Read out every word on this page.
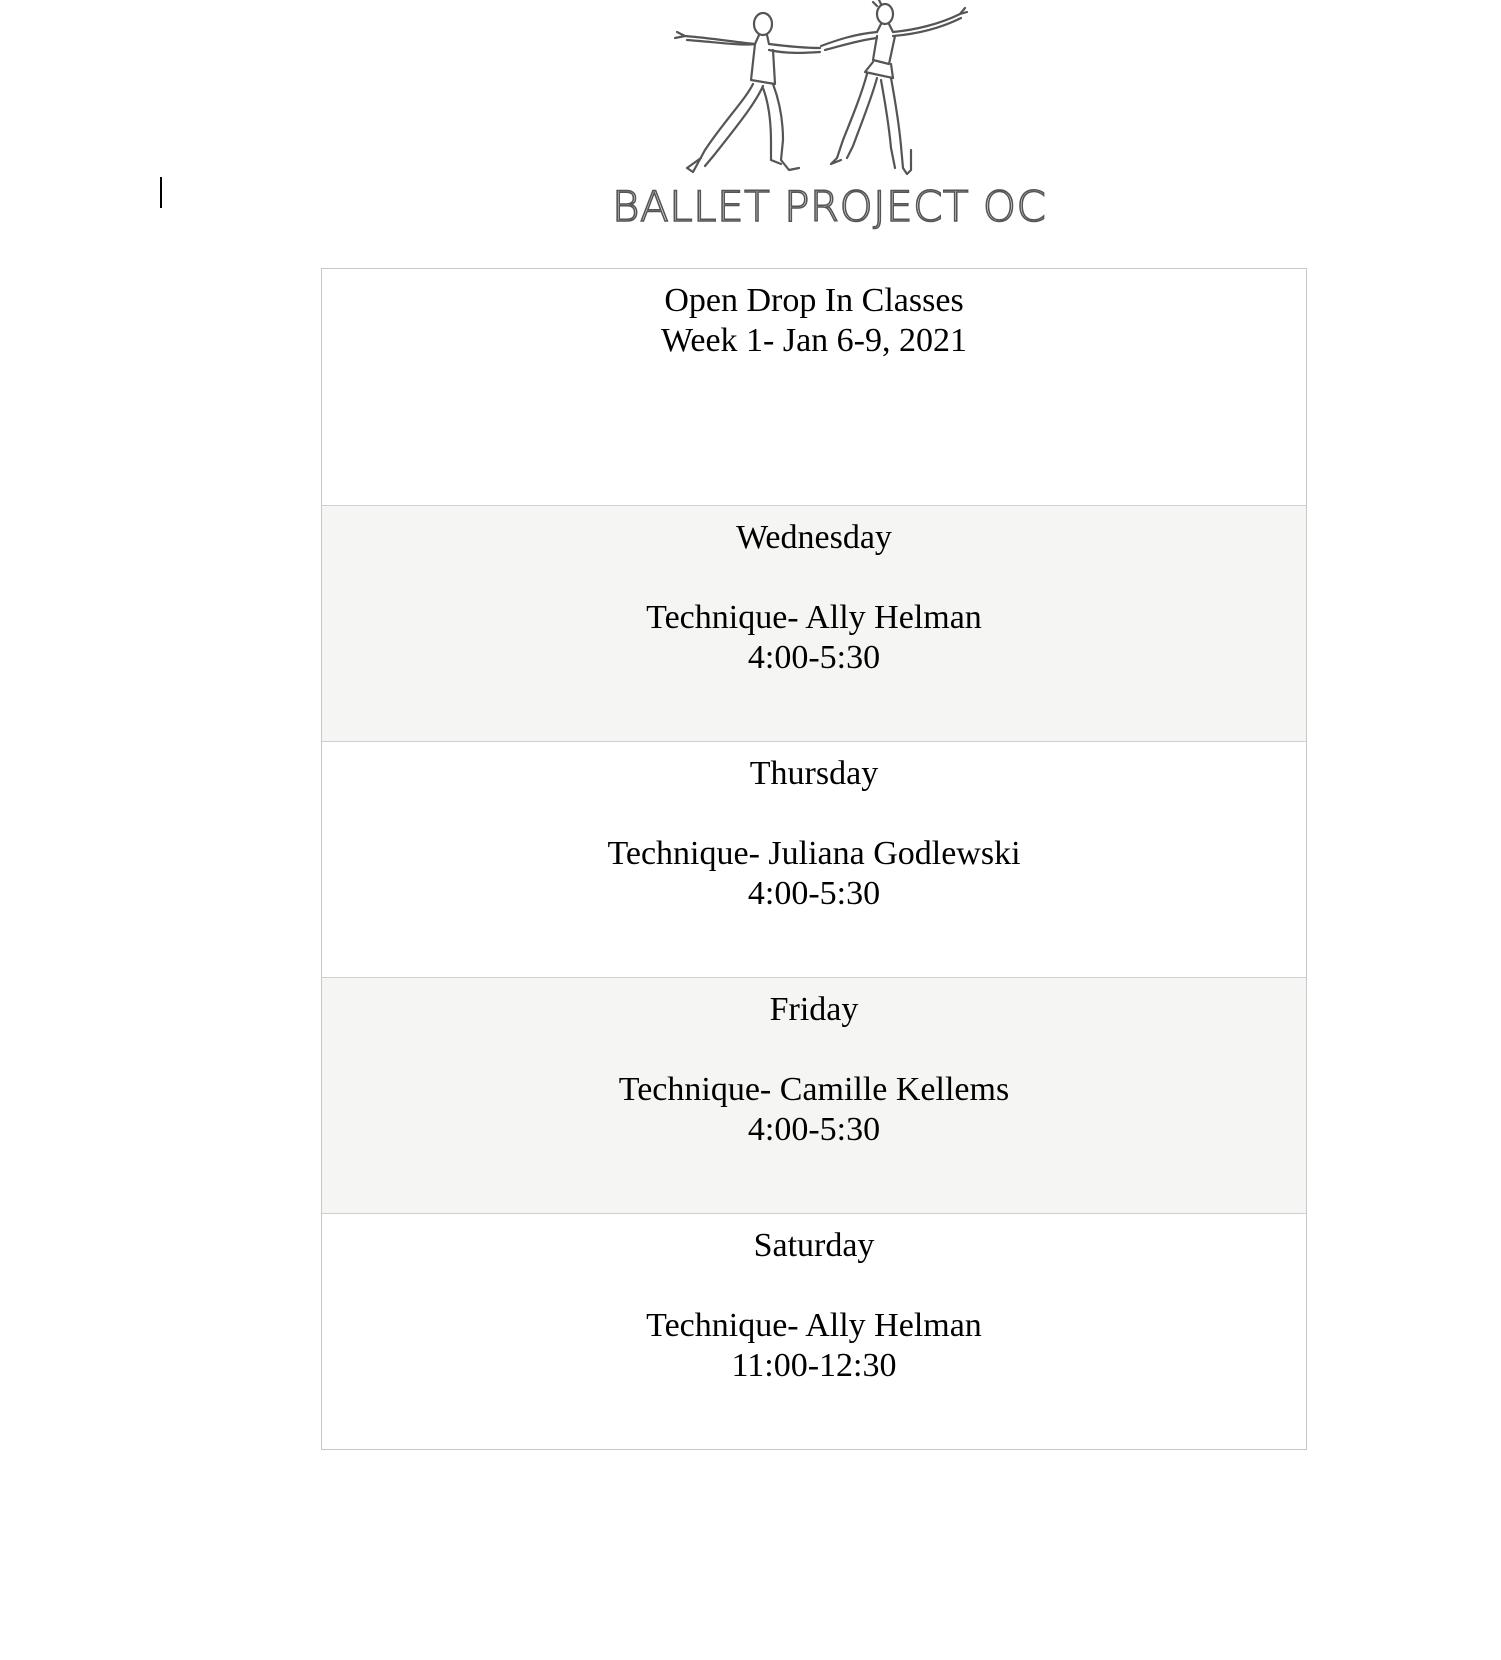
BALLET PROJECT OC
Open Drop In Classes
Week 1- Jan 6-9, 2021
Wednesday
Technique- Ally Helman
4:00-5:30
Thursday
Technique- Juliana Godlewski
4:00-5:30
Friday
Technique- Camille Kellems
4:00-5:30
Saturday
Technique- Ally Helman
11:00-12:30
